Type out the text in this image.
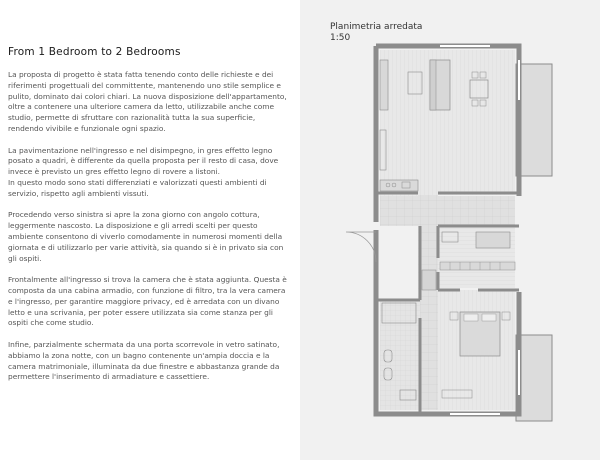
From 1 Bedroom to 2 Bedrooms

La proposta di progetto è stata fatta tenendo conto delle richieste e dei riferimenti progettuali del committente, mantenendo uno stile semplice e pulito, dominato dai colori chiari. La nuova disposizione dell'appartamento, oltre a contenere una ulteriore camera da letto, utilizzabile anche come studio, permette di sfruttare con razionalità tutta la sua superficie, rendendo vivibile e funzionale ogni spazio.

La pavimentazione nell'ingresso e nel disimpegno, in gres effetto legno posato a quadri, è differente da quella proposta per il resto di casa, dove invece è previsto un gres effetto legno di rovere a listoni.

In questo modo sono stati differenziati e valorizzati questi ambienti di servizio, rispetto agli ambienti vissuti.

Procedendo verso sinistra si apre la zona giorno con angolo cottura, leggermente nascosto. La disposizione e gli arredi scelti per questo ambiente consentono di viverlo comodamente in numerosi momenti della giornata e di utilizzarlo per varie attività, sia quando si è in privato sia con gli ospiti.

Frontalmente all'ingresso si trova la camera che è stata aggiunta. Questa è composta da una cabina armadio, con funzione di filtro, tra la vera camera e l'ingresso, per garantire maggiore privacy, ed è arredata con un divano letto e una scrivania, per poter essere utilizzata sia come stanza per gli ospiti che come studio.

Infine, parzialmente schermata da una porta scorrevole in vetro satinato, abbiamo la zona notte, con un bagno contenente un'ampia doccia e la camera matrimoniale, illuminata da due finestre e abbastanza grande da permettere l'inserimento di armadiature e cassettiere.

Planimetria arredata
1:50
